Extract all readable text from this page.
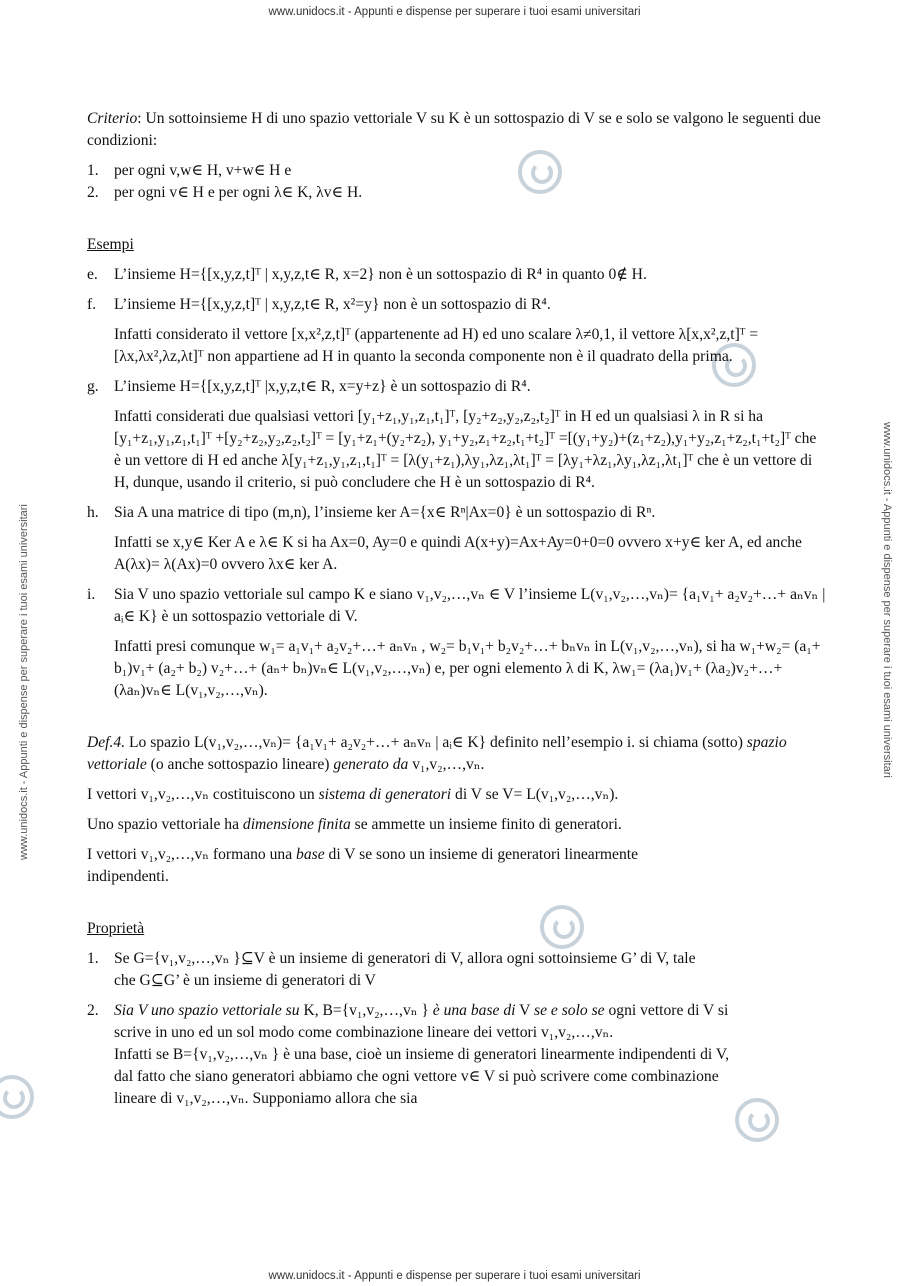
www.unidocs.it - Appunti e dispense per superare i tuoi esami universitari
www.unidocs.it - Appunti e dispense per superare i tuoi esami universitari
www.unidocs.it - Appunti e dispense per superare i tuoi esami universitari	www.unidocs.it - Appunti e dispense per superare i tuoi esami universitari

Criterio: Un sottoinsieme H di uno spazio vettoriale V su K è un sottospazio di V se e solo se valgono le seguenti due condizioni:

1. per ogni v,w∈ H, v+w∈ H e
2. per ogni v∈ H e per ogni λ∈ K, λv∈ H.

Esempi

e. L’insieme H={[x,y,z,t]ᵀ | x,y,z,t∈ R, x=2} non è un sottospazio di R⁴ in quanto 0∉ H.
f. L’insieme H={[x,y,z,t]ᵀ | x,y,z,t∈ R, x²=y} non è un sottospazio di R⁴.
Infatti considerato il vettore [x,x²,z,t]ᵀ (appartenente ad H) ed uno scalare λ≠0,1, il vettore λ[x,x²,z,t]ᵀ = [λx,λx²,λz,λt]ᵀ non appartiene ad H in quanto la seconda componente non è il quadrato della prima.
g. L’insieme H={[x,y,z,t]ᵀ |x,y,z,t∈ R, x=y+z} è un sottospazio di R⁴.
Infatti considerati due qualsiasi vettori [y₁+z₁,y₁,z₁,t₁]ᵀ, [y₂+z₂,y₂,z₂,t₂]ᵀ in H ed un qualsiasi λ in R si ha [y₁+z₁,y₁,z₁,t₁]ᵀ +[y₂+z₂,y₂,z₂,t₂]ᵀ = [y₁+z₁+(y₂+z₂), y₁+y₂,z₁+z₂,t₁+t₂]ᵀ =[(y₁+y₂)+(z₁+z₂),y₁+y₂,z₁+z₂,t₁+t₂]ᵀ che è un vettore di H ed anche λ[y₁+z₁,y₁,z₁,t₁]ᵀ = [λ(y₁+z₁),λy₁,λz₁,λt₁]ᵀ = [λy₁+λz₁,λy₁,λz₁,λt₁]ᵀ che è un vettore di H, dunque, usando il criterio, si può concludere che H è un sottospazio di R⁴.
h. Sia A una matrice di tipo (m,n), l’insieme ker A={x∈ Rⁿ|Ax=0} è un sottospazio di Rⁿ.
Infatti se x,y∈ Ker A e λ∈ K si ha Ax=0, Ay=0 e quindi A(x+y)=Ax+Ay=0+0=0 ovvero x+y∈ ker A, ed anche A(λx)= λ(Ax)=0 ovvero λx∈ ker A.
i. Sia V uno spazio vettoriale sul campo K e siano v₁,v₂,…,vₙ ∈ V l’insieme L(v₁,v₂,…,vₙ)= {a₁v₁+ a₂v₂+…+ aₙvₙ | aᵢ∈ K} è un sottospazio vettoriale di V.
Infatti presi comunque w₁= a₁v₁+ a₂v₂+…+ aₙvₙ , w₂= b₁v₁+ b₂v₂+…+ bₙvₙ in L(v₁,v₂,…,vₙ), si ha w₁+w₂= (a₁+ b₁)v₁+ (a₂+ b₂) v₂+…+ (aₙ+ bₙ)vₙ∈ L(v₁,v₂,…,vₙ) e, per ogni elemento λ di K, λw₁= (λa₁)v₁+ (λa₂)v₂+…+ (λaₙ)vₙ∈ L(v₁,v₂,…,vₙ).

Def.4. Lo spazio L(v₁,v₂,…,vₙ)= {a₁v₁+ a₂v₂+…+ aₙvₙ | aᵢ∈ K} definito nell’esempio i. si chiama (sotto) spazio vettoriale (o anche sottospazio lineare) generato da v₁,v₂,…,vₙ.

I vettori v₁,v₂,…,vₙ costituiscono un sistema di generatori di V se V= L(v₁,v₂,…,vₙ).

Uno spazio vettoriale ha dimensione finita se ammette un insieme finito di generatori.

I vettori v₁,v₂,…,vₙ formano una base di V se sono un insieme di generatori linearmente indipendenti.

Proprietà

1. Se G={v₁,v₂,…,vₙ }⊆V è un insieme di generatori di V, allora ogni sottoinsieme G’ di V, tale che G⊆G’ è un insieme di generatori di V
2. Sia V uno spazio vettoriale su K, B={v₁,v₂,…,vₙ } è una base di V se e solo se ogni vettore di V si scrive in uno ed un sol modo come combinazione lineare dei vettori v₁,v₂,…,vₙ.
Infatti se B={v₁,v₂,…,vₙ } è una base, cioè un insieme di generatori linearmente indipendenti di V, dal fatto che siano generatori abbiamo che ogni vettore v∈ V si può scrivere come combinazione lineare di v₁,v₂,…,vₙ. Supponiamo allora che sia
